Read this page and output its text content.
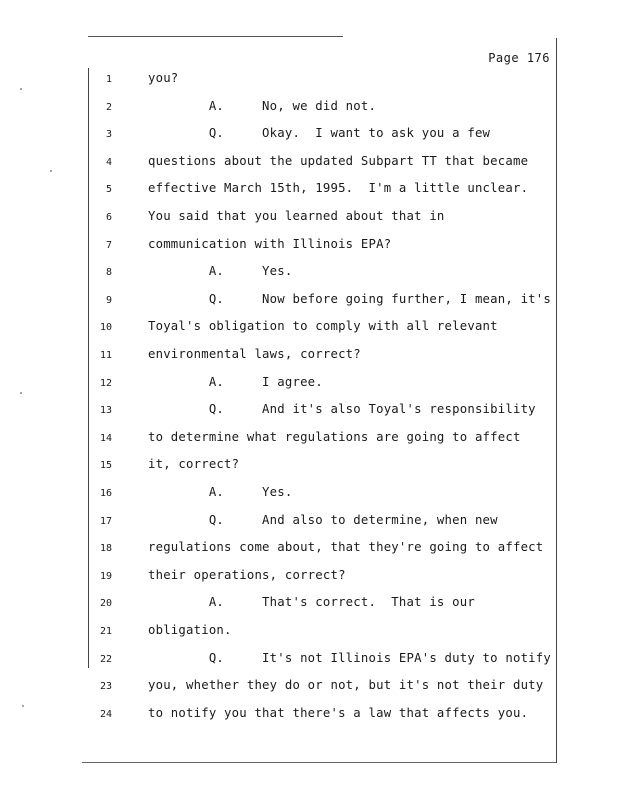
Page 176
1	you?
2	A.     No, we did not.
3	Q.     Okay.  I want to ask you a few
4	questions about the updated Subpart TT that became
5	effective March 15th, 1995.  I'm a little unclear.
6	You said that you learned about that in
7	communication with Illinois EPA?
8	A.     Yes.
9	Q.     Now before going further, I mean, it's
10	Toyal's obligation to comply with all relevant
11	environmental laws, correct?
12	A.     I agree.
13	Q.     And it's also Toyal's responsibility
14	to determine what regulations are going to affect
15	it, correct?
16	A.     Yes.
17	Q.     And also to determine, when new
18	regulations come about, that they're going to affect
19	their operations, correct?
20	A.     That's correct.  That is our
21	obligation.
22	Q.     It's not Illinois EPA's duty to notify
23	you, whether they do or not, but it's not their duty
24	to notify you that there's a law that affects you.
